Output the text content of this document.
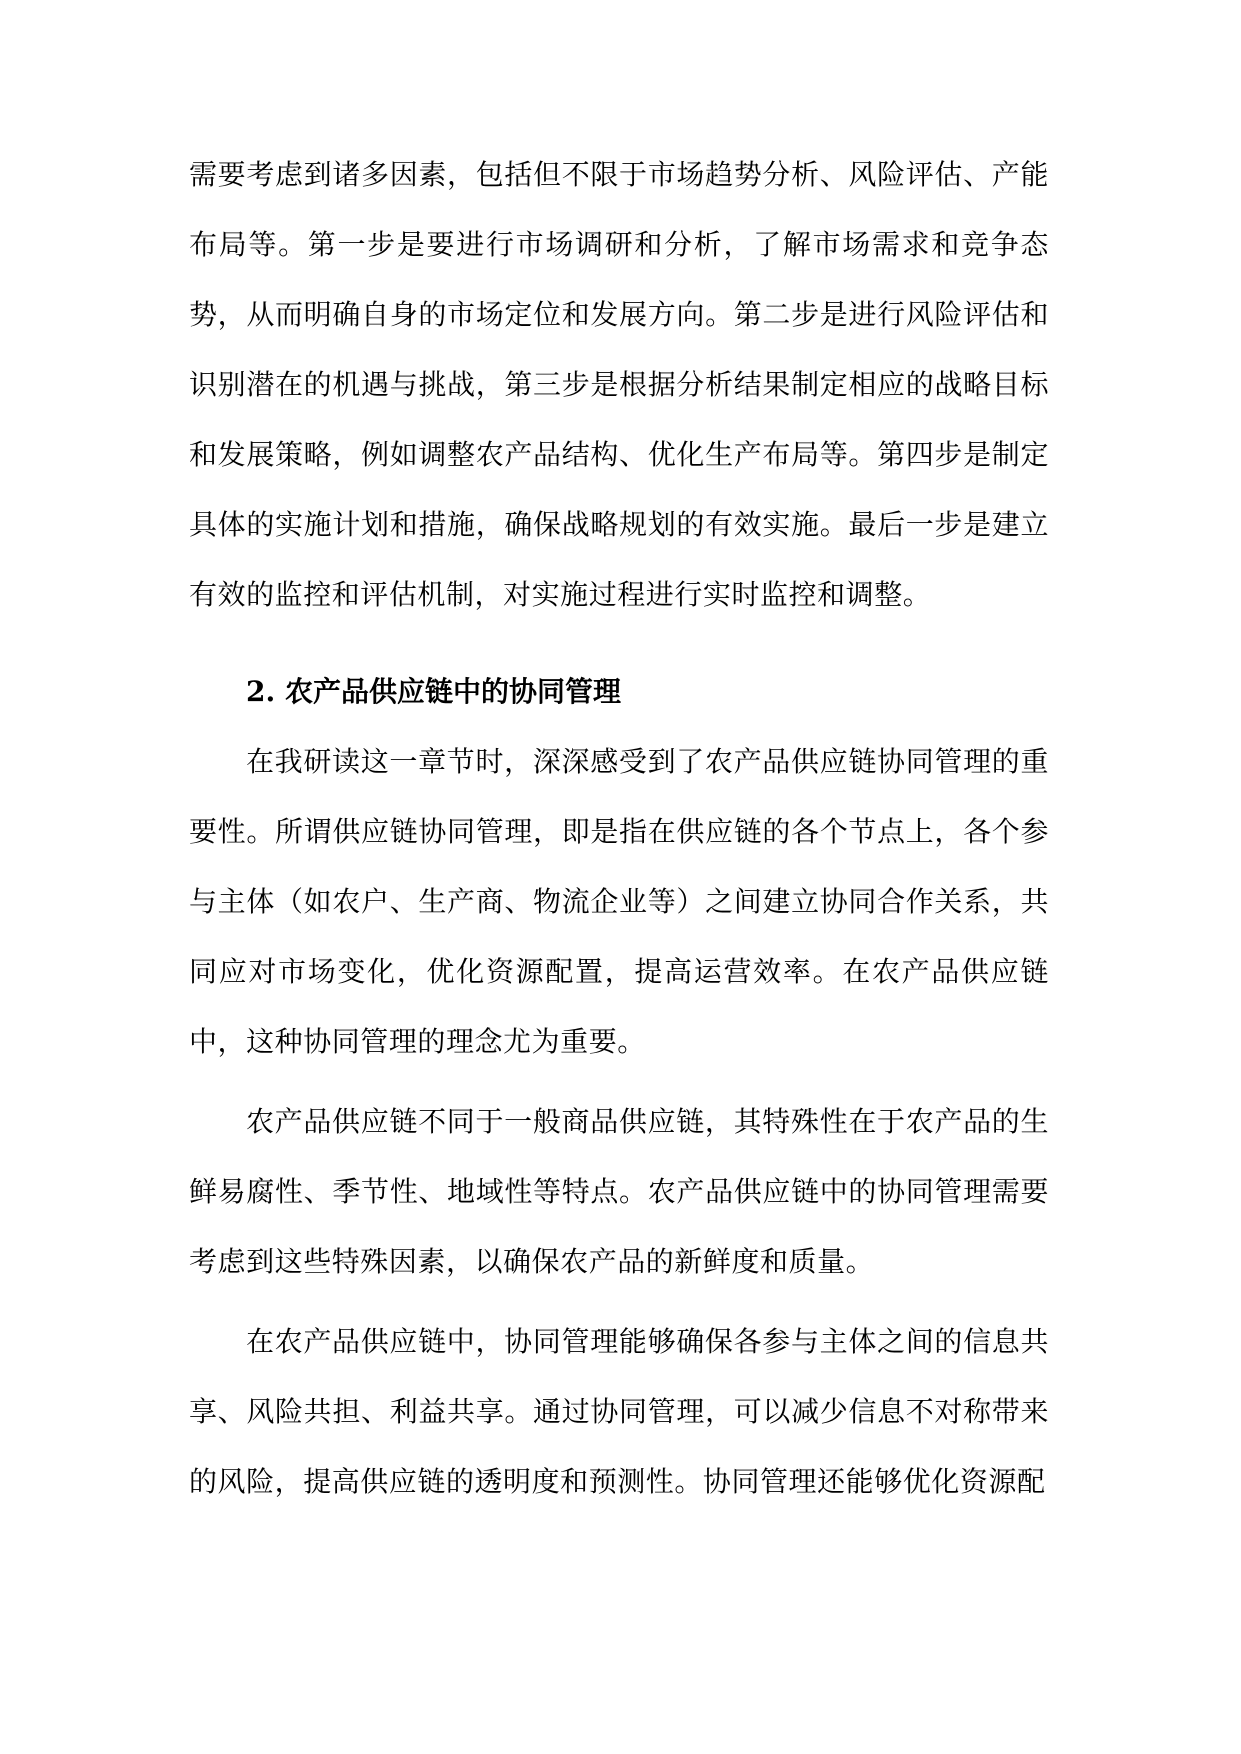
需要考虑到诸多因素，包括但不限于市场趋势分析、风险评估、产能布局等。第一步是要进行市场调研和分析，了解市场需求和竞争态势，从而明确自身的市场定位和发展方向。第二步是进行风险评估和识别潜在的机遇与挑战，第三步是根据分析结果制定相应的战略目标和发展策略，例如调整农产品结构、优化生产布局等。第四步是制定具体的实施计划和措施，确保战略规划的有效实施。最后一步是建立有效的监控和评估机制，对实施过程进行实时监控和调整。

2. 农产品供应链中的协同管理

在我研读这一章节时，深深感受到了农产品供应链协同管理的重要性。所谓供应链协同管理，即是指在供应链的各个节点上，各个参与主体（如农户、生产商、物流企业等）之间建立协同合作关系，共同应对市场变化，优化资源配置，提高运营效率。在农产品供应链中，这种协同管理的理念尤为重要。

农产品供应链不同于一般商品供应链，其特殊性在于农产品的生鲜易腐性、季节性、地域性等特点。农产品供应链中的协同管理需要考虑到这些特殊因素，以确保农产品的新鲜度和质量。

在农产品供应链中，协同管理能够确保各参与主体之间的信息共享、风险共担、利益共享。通过协同管理，可以减少信息不对称带来的风险，提高供应链的透明度和预测性。协同管理还能够优化资源配
